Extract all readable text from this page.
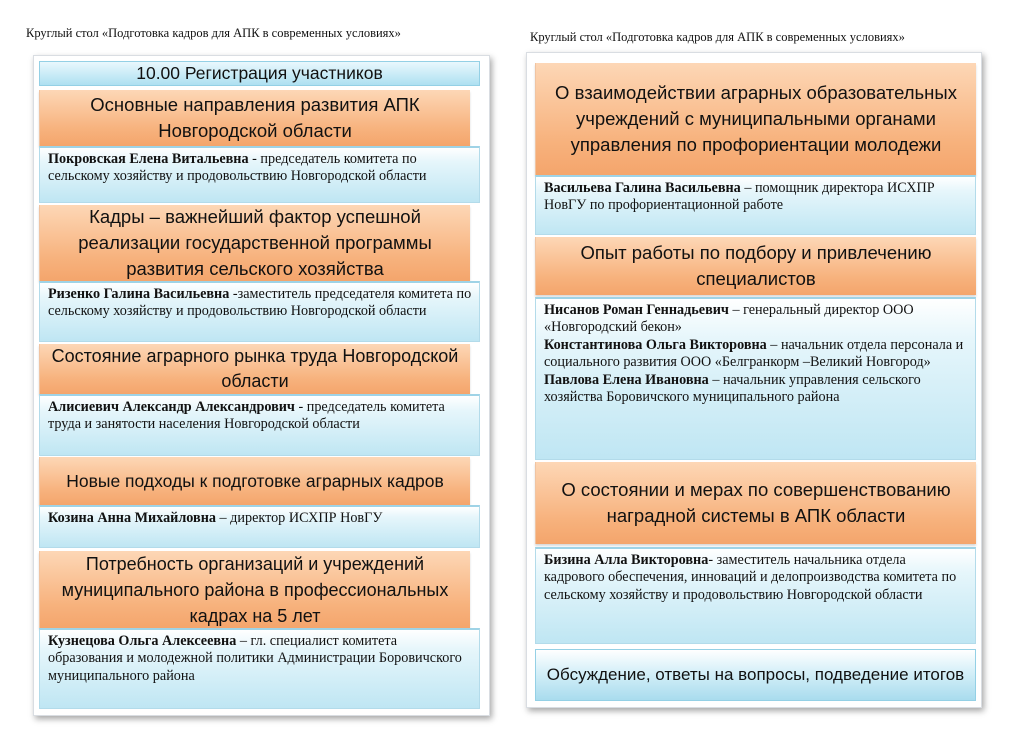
Круглый стол «Подготовка кадров для АПК в современных условиях»
10.00 Регистрация участников
Основные направления развития АПК Новгородской области
Покровская Елена Витальевна - председатель комитета по сельскому хозяйству и продовольствию Новгородской области
Кадры – важнейший фактор успешной реализации государственной программы развития сельского хозяйства
Ризенко Галина Васильевна -заместитель председателя комитета по сельскому хозяйству и продовольствию Новгородской области
Состояние аграрного рынка труда Новгородской области
Алисиевич Александр Александрович - председатель комитета труда и занятости населения Новгородской области
Новые подходы к подготовке аграрных кадров
Козина Анна Михайловна – директор ИСХПР НовГУ
Потребность организаций и учреждений муниципального района в профессиональных кадрах на 5 лет
Кузнецова Ольга Алексеевна – гл. специалист комитета образования и молодежной политики Администрации Боровичского муниципального района
Круглый стол «Подготовка кадров для АПК в современных условиях»
О взаимодействии аграрных образовательных учреждений с муниципальными органами управления по профориентации молодежи
Васильева Галина Васильевна – помощник директора ИСХПР НовГУ по профориентационной работе
Опыт работы по подбору и привлечению специалистов
Нисанов Роман Геннадьевич – генеральный директор ООО «Новгородский бекон»
Константинова Ольга Викторовна – начальник отдела персонала и социального развития ООО «Белгранкорм –Великий Новгород»
Павлова Елена Ивановна – начальник управления сельского хозяйства Боровичского муниципального района
О состоянии и мерах по совершенствованию наградной системы в АПК области
Бизина Алла Викторовна- заместитель начальника отдела кадрового обеспечения, инноваций и делопроизводства комитета по сельскому хозяйству и продовольствию Новгородской области
Обсуждение, ответы на вопросы, подведение итогов
